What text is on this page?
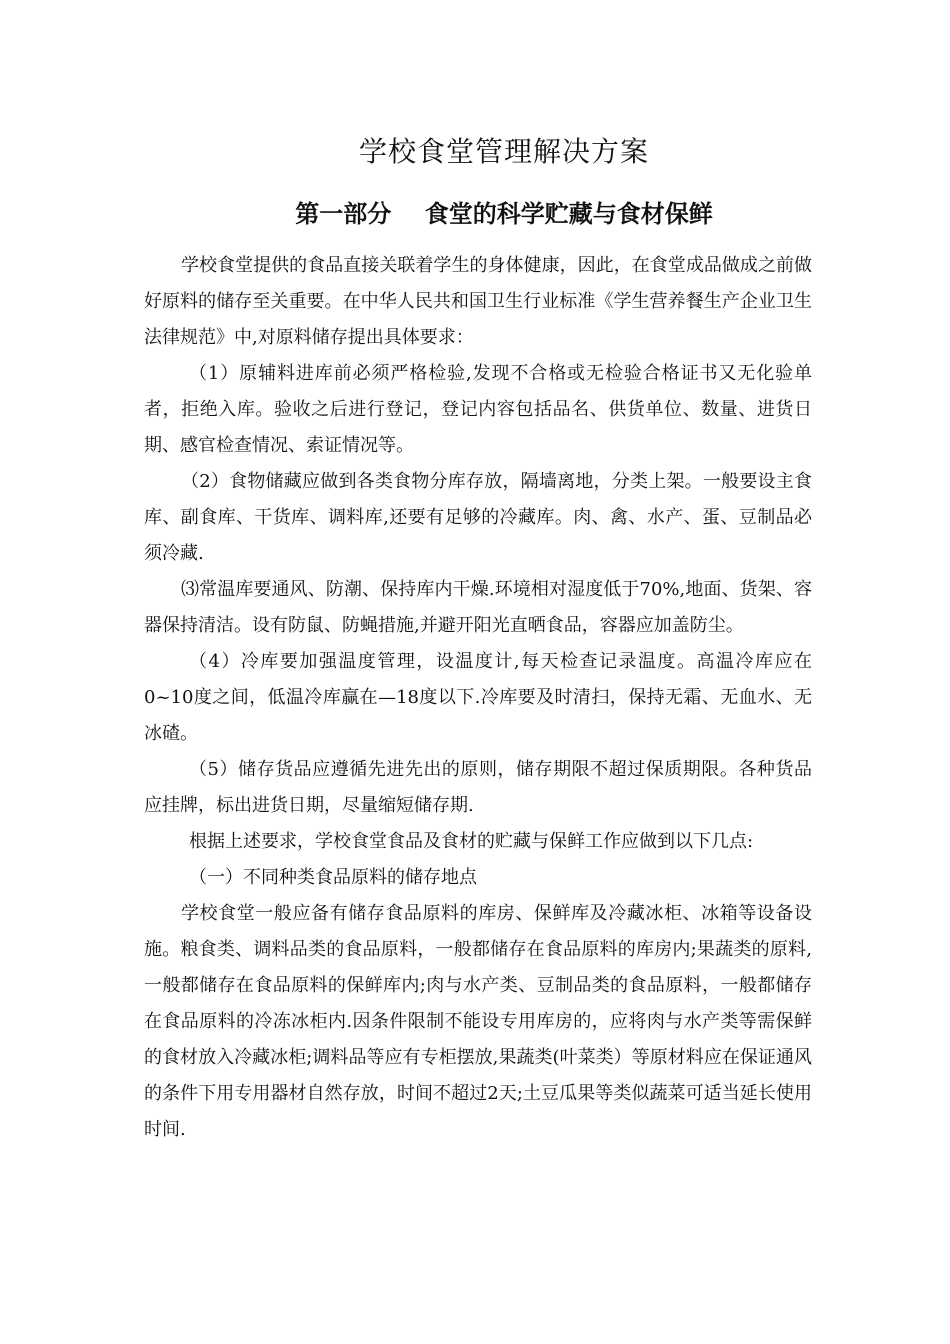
学校食堂管理解决方案
第一部分    食堂的科学贮藏与食材保鲜

学校食堂提供的食品直接关联着学生的身体健康，因此，在食堂成品做成之前做好原料的储存至关重要。在中华人民共和国卫生行业标准《学生营养餐生产企业卫生法律规范》中,对原料储存提出具体要求：

（1）原辅料进库前必须严格检验,发现不合格或无检验合格证书又无化验单者，拒绝入库。验收之后进行登记，登记内容包括品名、供货单位、数量、进货日期、感官检查情况、索证情况等。

（2）食物储藏应做到各类食物分库存放，隔墙离地，分类上架。一般要设主食库、副食库、干货库、调料库,还要有足够的冷藏库。肉、禽、水产、蛋、豆制品必须冷藏.

⑶常温库要通风、防潮、保持库内干燥.环境相对湿度低于70%,地面、货架、容器保持清洁。设有防鼠、防蝇措施,并避开阳光直晒食品，容器应加盖防尘。

（4）冷库要加强温度管理，设温度计,每天检查记录温度。高温冷库应在0~10度之间，低温冷库赢在—18度以下.冷库要及时清扫，保持无霜、无血水、无冰碴。

（5）储存货品应遵循先进先出的原则，储存期限不超过保质期限。各种货品应挂牌，标出进货日期，尽量缩短储存期.

根据上述要求，学校食堂食品及食材的贮藏与保鲜工作应做到以下几点:

（一）不同种类食品原料的储存地点

学校食堂一般应备有储存食品原料的库房、保鲜库及冷藏冰柜、冰箱等设备设施。粮食类、调料品类的食品原料，一般都储存在食品原料的库房内;果蔬类的原料,一般都储存在食品原料的保鲜库内;肉与水产类、豆制品类的食品原料，一般都储存在食品原料的冷冻冰柜内.因条件限制不能设专用库房的，应将肉与水产类等需保鲜的食材放入冷藏冰柜;调料品等应有专柜摆放,果蔬类(叶菜类）等原材料应在保证通风的条件下用专用器材自然存放，时间不超过2天;土豆瓜果等类似蔬菜可适当延长使用时间.
